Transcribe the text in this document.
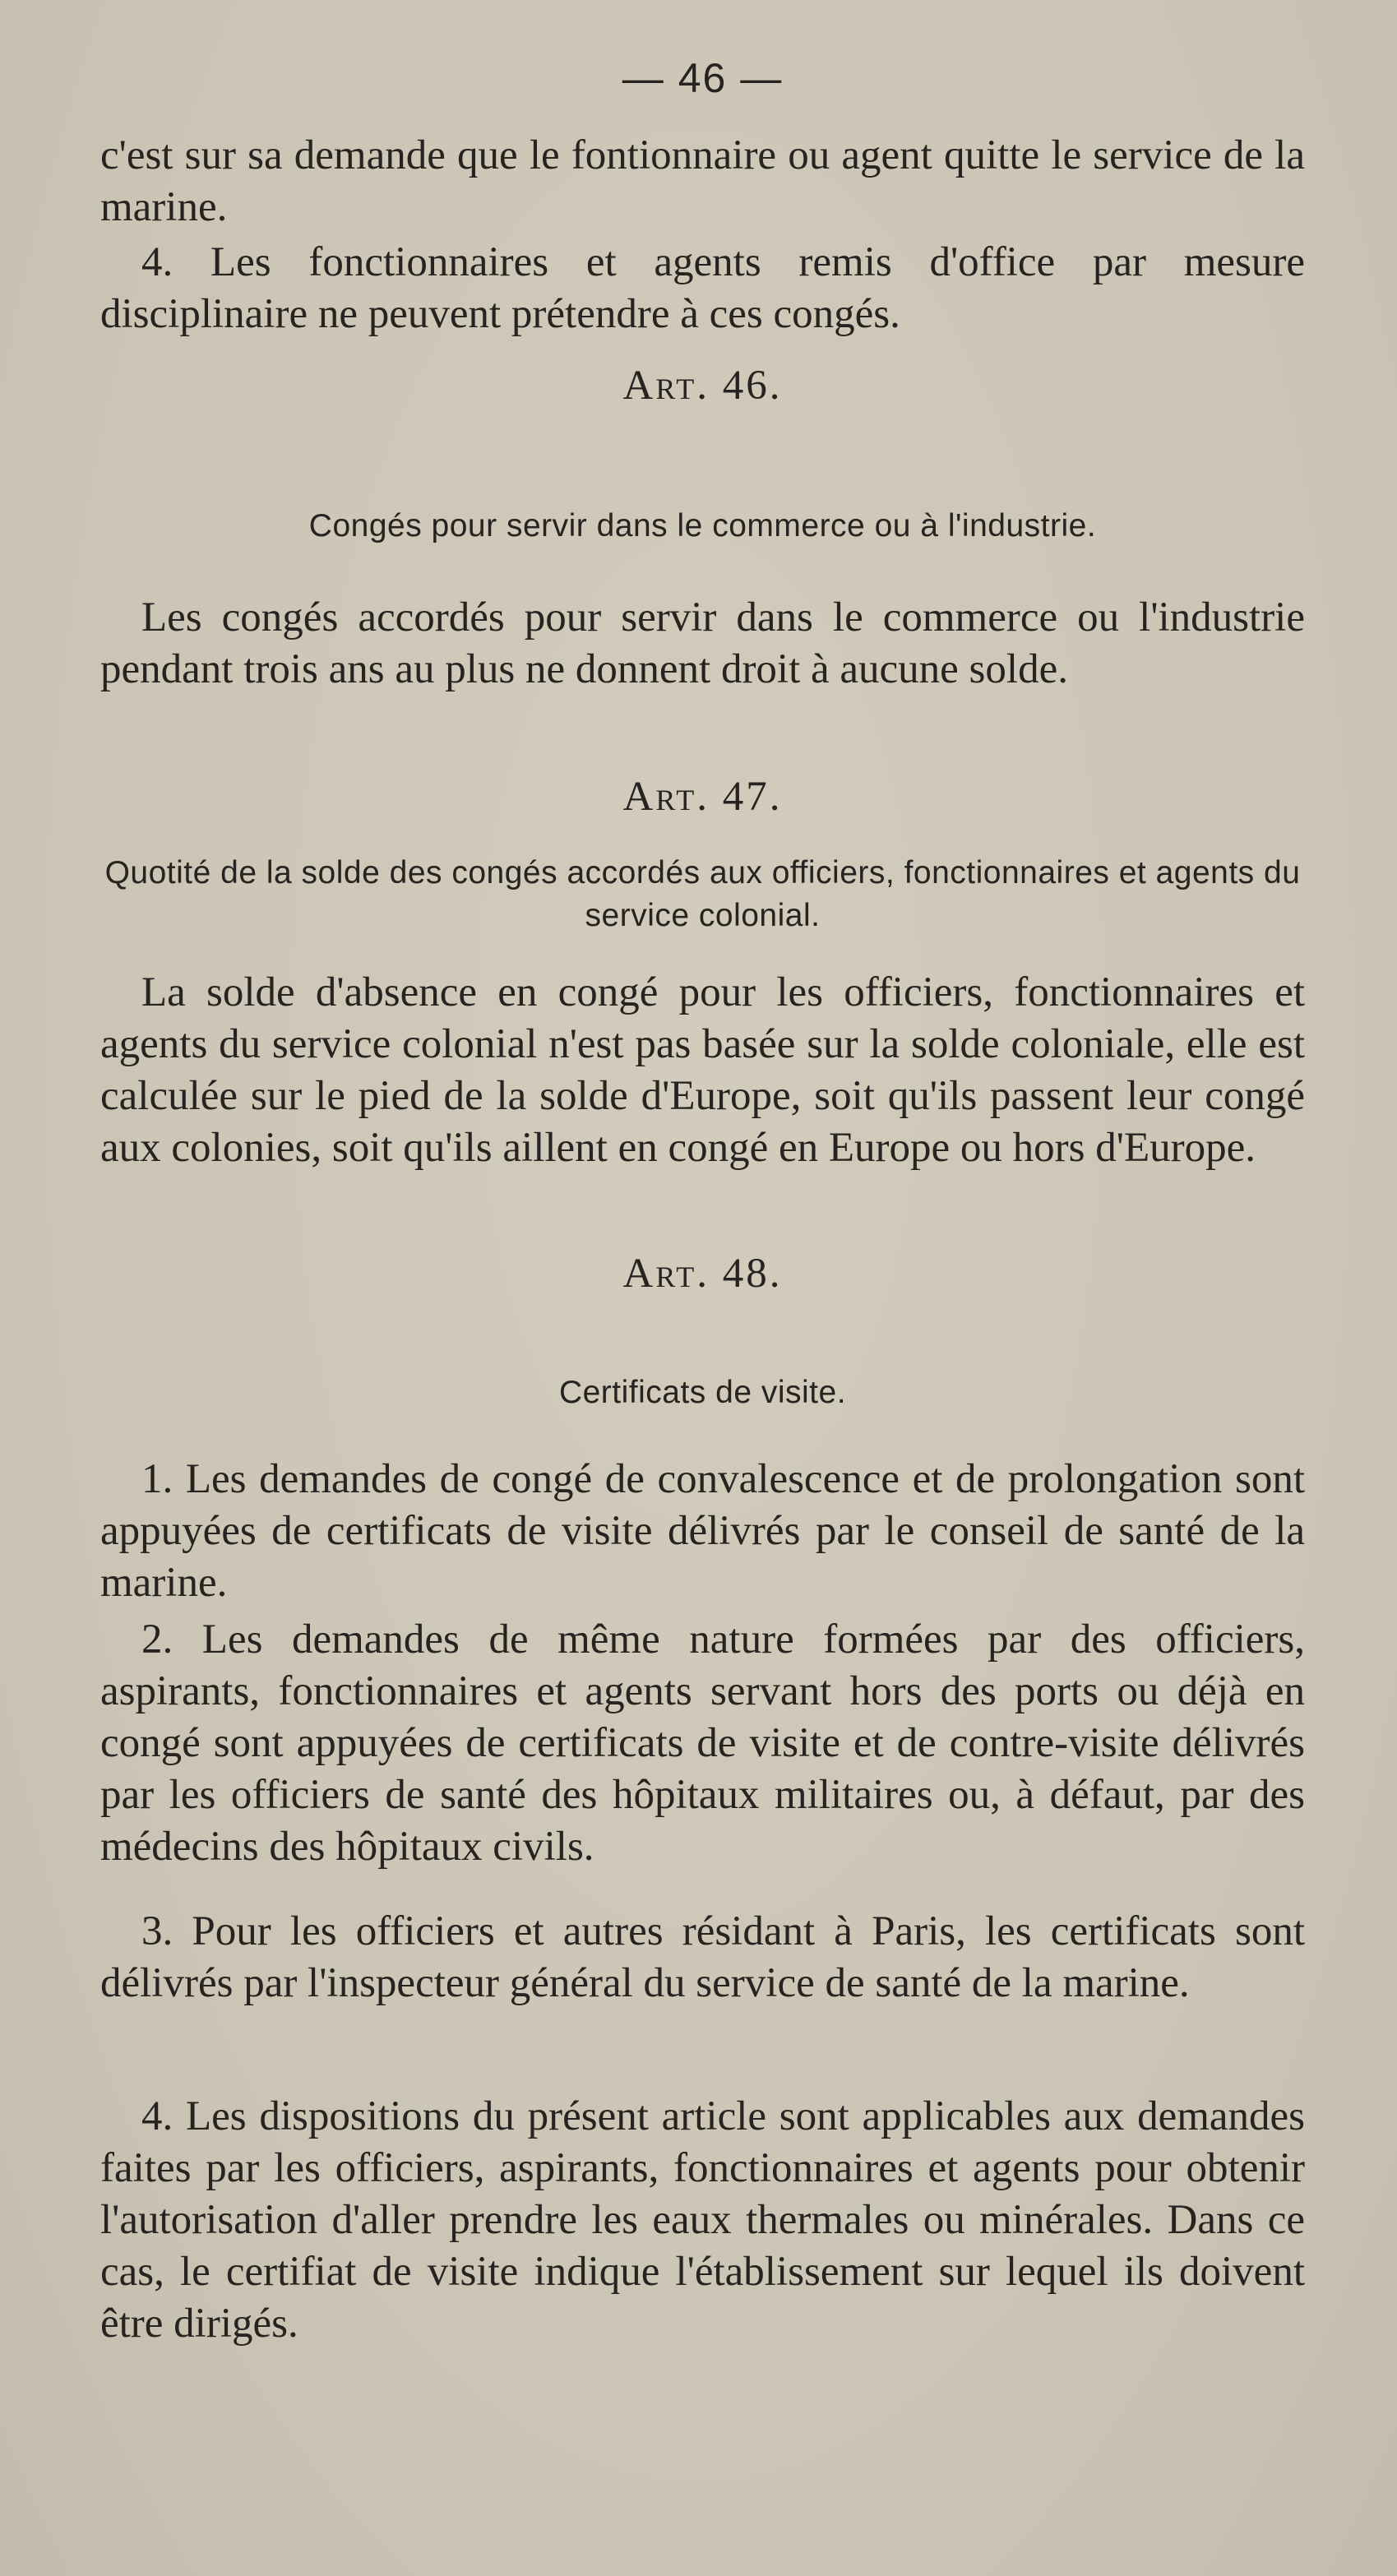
— 46 —

c'est sur sa demande que le fontionnaire ou agent quitte le service de la marine.

4. Les fonctionnaires et agents remis d'office par mesure disciplinaire ne peuvent prétendre à ces congés.

Art. 46.
Congés pour servir dans le commerce ou à l'industrie.

Les congés accordés pour servir dans le commerce ou l'industrie pendant trois ans au plus ne donnent droit à aucune solde.

Art. 47.
Quotité de la solde des congés accordés aux officiers, fonctionnaires et agents du service colonial.

La solde d'absence en congé pour les officiers, fonctionnaires et agents du service colonial n'est pas basée sur la solde coloniale, elle est calculée sur le pied de la solde d'Europe, soit qu'ils passent leur congé aux colonies, soit qu'ils aillent en congé en Europe ou hors d'Europe.

Art. 48.
Certificats de visite.

1. Les demandes de congé de convalescence et de prolongation sont appuyées de certificats de visite délivrés par le conseil de santé de la marine.

2. Les demandes de même nature formées par des officiers, aspirants, fonctionnaires et agents servant hors des ports ou déjà en congé sont appuyées de certificats de visite et de contre-visite délivrés par les officiers de santé des hôpitaux militaires ou, à défaut, par des médecins des hôpitaux civils.

3. Pour les officiers et autres résidant à Paris, les certificats sont délivrés par l'inspecteur général du service de santé de la marine.

4. Les dispositions du présent article sont applicables aux demandes faites par les officiers, aspirants, fonctionnaires et agents pour obtenir l'autorisation d'aller prendre les eaux thermales ou minérales. Dans ce cas, le certifiat de visite indique l'établissement sur lequel ils doivent être dirigés.
